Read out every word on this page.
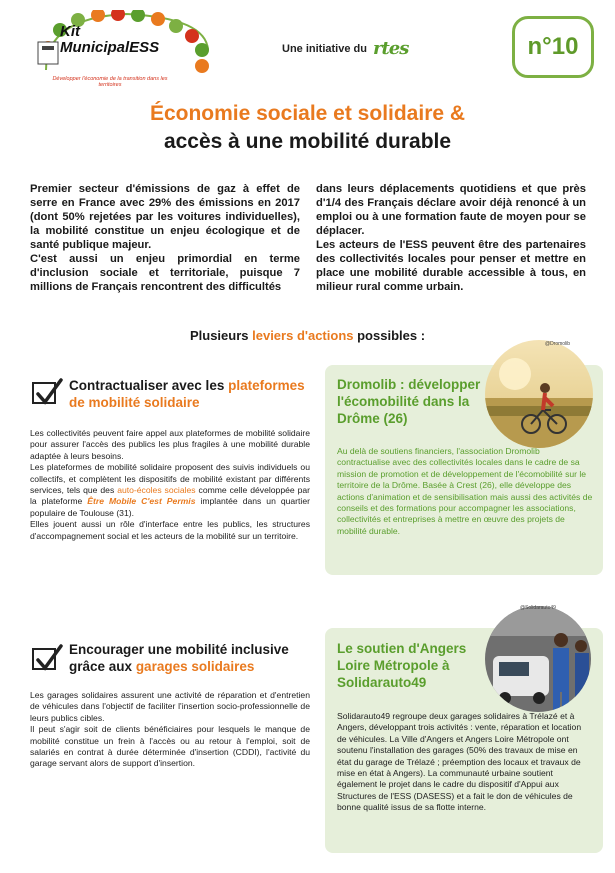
Kit
MunicipalESS
Développer l'économie de la transition dans les territoires
Une initiative du rtes	n°10
Économie sociale et solidaire &
accès à une mobilité durable

Premier secteur d'émissions de gaz à effet de serre en France avec 29% des émissions en 2017 (dont 50% rejetées par les voitures individuelles), la mobilité constitue un enjeu écologique et de santé publique majeur.

C'est aussi un enjeu primordial en terme d'inclusion sociale et territoriale, puisque 7 millions de Français rencontrent des difficultés

dans leurs déplacements quotidiens et que près d'1/4 des Français déclare avoir déjà renoncé à un emploi ou à une formation faute de moyen pour se déplacer.

Les acteurs de l'ESS peuvent être des partenaires des collectivités locales pour penser et mettre en place une mobilité durable accessible à tous, en milieur rural comme urbain.

Plusieurs leviers d'actions possibles :
Contractualiser avec les plateformes de mobilité solidaire

Les collectivités peuvent faire appel aux plateformes de mobilité solidaire pour assurer l'accès des publics les plus fragiles à une mobilité durable adaptée à leurs besoins.

Les plateformes de mobilité solidaire proposent des suivis individuels ou collectifs, et complètent les dispositifs de mobilité existant par différents services, tels que des auto-écoles sociales comme celle développée par la plateforme Être Mobile C'est Permis implantée dans un quartier populaire de Toulouse (31).

Elles jouent aussi un rôle d'interface entre les publics, les structures d'accompagnement social et les acteurs de la mobilité sur un territoire.

@Dromolib
Dromolib : développer l'écomobilité dans la Drôme (26)
Au delà de soutiens financiers, l'association Dromolib contractualise avec des collectivités locales dans le cadre de sa mission de promotion et de développement de l'écomobilité sur le territoire de la Drôme. Basée à Crest (26), elle développe des actions d'animation et de sensibilisation mais aussi des activités de conseils et des formations pour accompagner les associations, collectivités et entreprises à mettre en œuvre des projets de mobilité durable.
Encourager une mobilité inclusive grâce aux garages solidaires

Les garages solidaires assurent une activité de réparation et d'entretien de véhicules dans l'objectif de faciliter l'insertion socio-professionnelle de leurs publics cibles.

Il peut s'agir soit de clients bénéficiaires pour lesquels le manque de mobilité constitue un frein à l'accès ou au retour à l'emploi, soit de salariés en contrat à durée déterminée d'insertion (CDDI), l'activité du garage servant alors de support d'insertion.

@Solidarauto49
Le soutien d'Angers Loire Métropole à Solidarauto49
Solidarauto49 regroupe deux garages solidaires à Trélazé et à Angers, développant trois activités : vente, réparation et location de véhicules. La Ville d'Angers et Angers Loire Métropole ont soutenu l'installation des garages (50% des travaux de mise en état du garage de Trélazé ; préemption des locaux et travaux de mise en état à Angers). La communauté urbaine soutient également le projet dans le cadre du dispositif d'Appui aux Structures de l'ESS (DASESS) et a fait le don de véhicules de bonne qualité issus de sa flotte interne.
